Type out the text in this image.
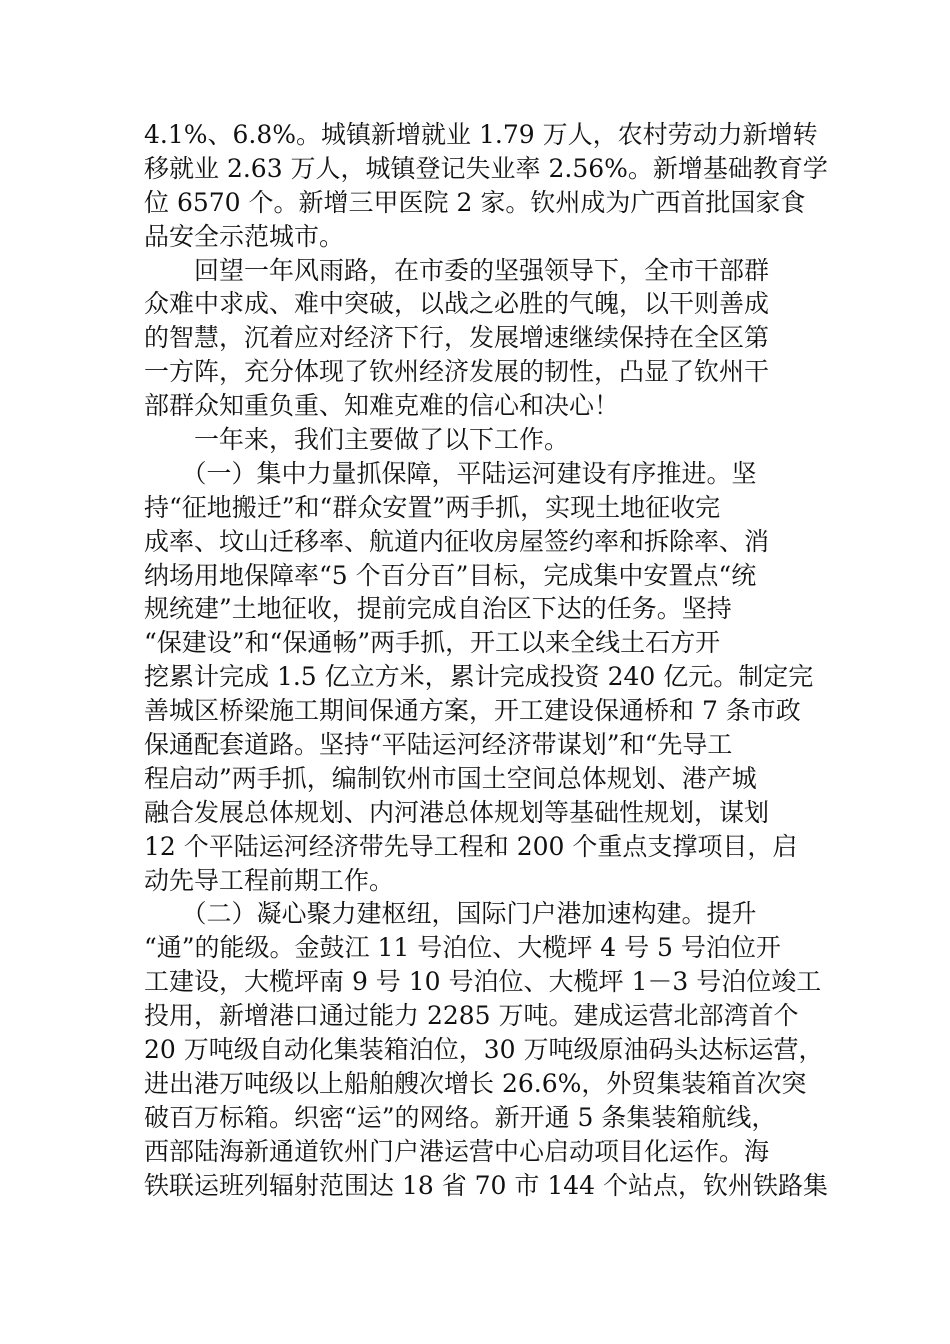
4.1%、6.8%。城镇新增就业 1.79 万人，农村劳动力新增转
移就业 2.63 万人，城镇登记失业率 2.56%。新增基础教育学
位 6570 个。新增三甲医院 2 家。钦州成为广西首批国家食
品安全示范城市。
　　回望一年风雨路，在市委的坚强领导下，全市干部群
众难中求成、难中突破，以战之必胜的气魄，以干则善成
的智慧，沉着应对经济下行，发展增速继续保持在全区第
一方阵，充分体现了钦州经济发展的韧性，凸显了钦州干
部群众知重负重、知难克难的信心和决心！
　　一年来，我们主要做了以下工作。
　　（一）集中力量抓保障，平陆运河建设有序推进。坚
持“征地搬迁”和“群众安置”两手抓，实现土地征收完
成率、坟山迁移率、航道内征收房屋签约率和拆除率、消
纳场用地保障率“5 个百分百”目标，完成集中安置点“统
规统建”土地征收，提前完成自治区下达的任务。坚持
“保建设”和“保通畅”两手抓，开工以来全线土石方开
挖累计完成 1.5 亿立方米，累计完成投资 240 亿元。制定完
善城区桥梁施工期间保通方案，开工建设保通桥和 7 条市政
保通配套道路。坚持“平陆运河经济带谋划”和“先导工
程启动”两手抓，编制钦州市国土空间总体规划、港产城
融合发展总体规划、内河港总体规划等基础性规划，谋划
12 个平陆运河经济带先导工程和 200 个重点支撑项目，启
动先导工程前期工作。
　　（二）凝心聚力建枢纽，国际门户港加速构建。提升
“通”的能级。金鼓江 11 号泊位、大榄坪 4 号 5 号泊位开
工建设，大榄坪南 9 号 10 号泊位、大榄坪 1－3 号泊位竣工
投用，新增港口通过能力 2285 万吨。建成运营北部湾首个
20 万吨级自动化集装箱泊位，30 万吨级原油码头达标运营，
进出港万吨级以上船舶艘次增长 26.6%，外贸集装箱首次突
破百万标箱。织密“运”的网络。新开通 5 条集装箱航线，
西部陆海新通道钦州门户港运营中心启动项目化运作。海
铁联运班列辐射范围达 18 省 70 市 144 个站点，钦州铁路集
